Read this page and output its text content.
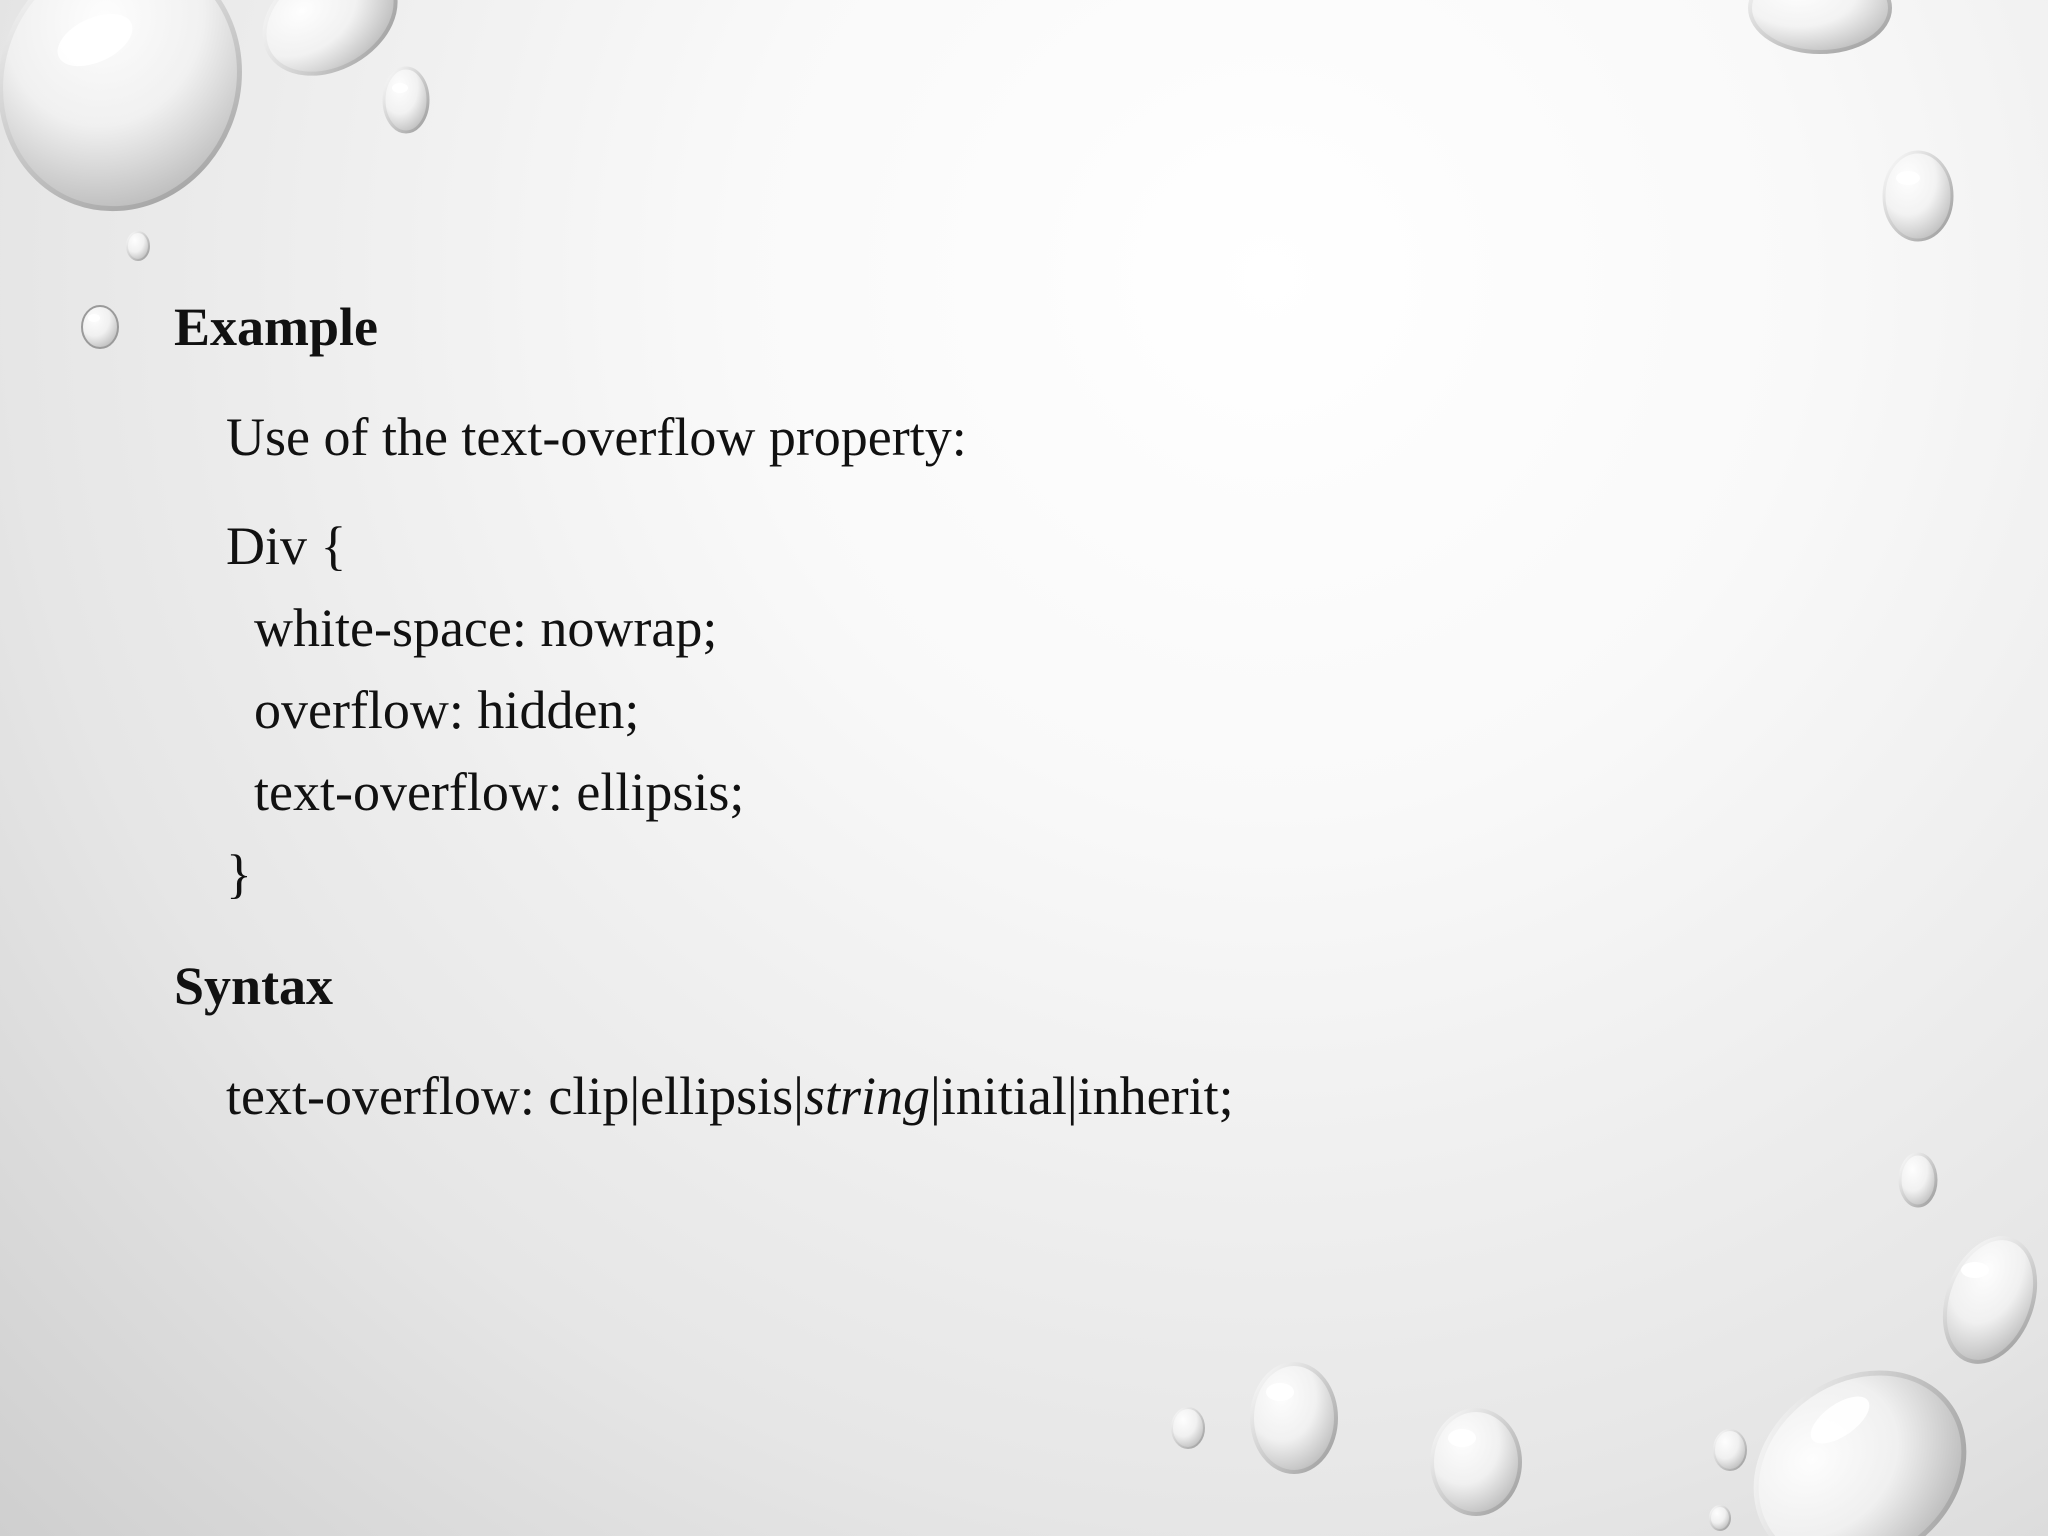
Example
Use of the text-overflow property:
Div {
white-space: nowrap;
overflow: hidden;
text-overflow: ellipsis;
}
Syntax
text-overflow: clip|ellipsis|string|initial|inherit;
